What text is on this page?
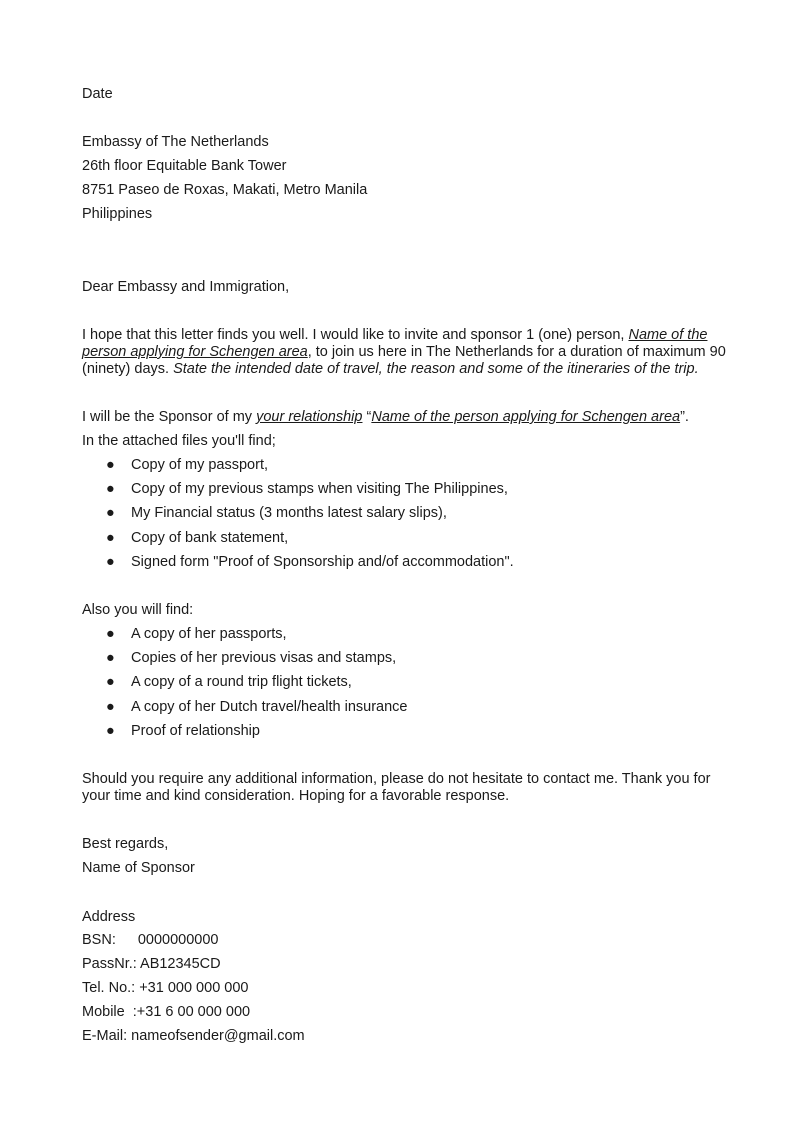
Date
Embassy of The Netherlands
26th floor Equitable Bank Tower
8751 Paseo de Roxas, Makati, Metro Manila
Philippines
Dear Embassy and Immigration,
I hope that this letter finds you well. I would like to invite and sponsor 1 (one) person, Name of the person applying for Schengen area, to join us here in The Netherlands for a duration of maximum 90 (ninety) days. State the intended date of travel, the reason and some of the itineraries of the trip.
I will be the Sponsor of my your relationship “Name of the person applying for Schengen area”.
In the attached files you'll find;
● Copy of my passport,
● Copy of my previous stamps when visiting The Philippines,
● My Financial status (3 months latest salary slips),
● Copy of bank statement,
● Signed form "Proof of Sponsorship and/of accommodation".
Also you will find:
● A copy of her passports,
● Copies of her previous visas and stamps,
● A copy of a round trip flight tickets,
● A copy of her Dutch travel/health insurance
● Proof of relationship
Should you require any additional information, please do not hesitate to contact me. Thank you for your time and kind consideration. Hoping for a favorable response.
Best regards,
Name of Sponsor
Address
BSN: 0000000000
PassNr.: AB12345CD
Tel. No.: +31 000 000 000
Mobile  :+31 6 00 000 000
E-Mail: nameofsender@gmail.com
